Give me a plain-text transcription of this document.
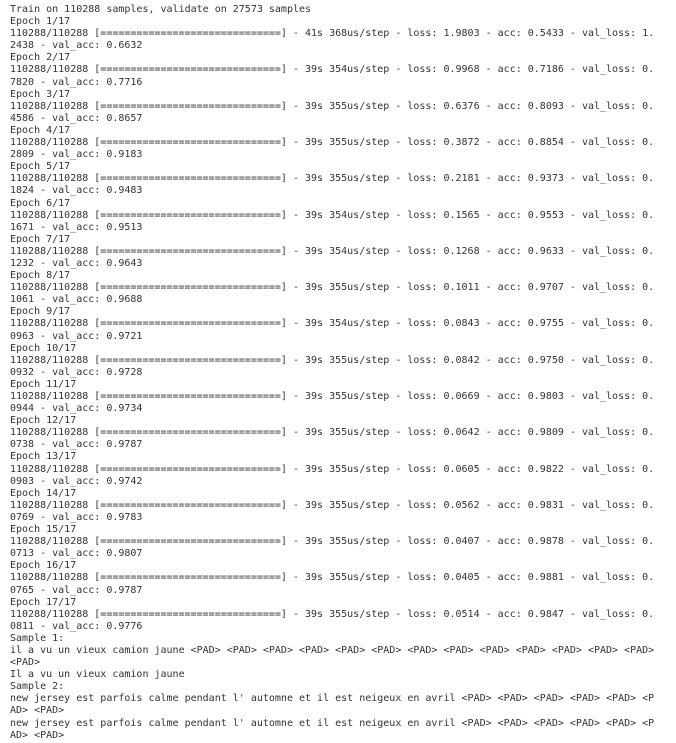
Train on 110288 samples, validate on 27573 samples
Epoch 1/17
110288/110288 [==============================] - 41s 368us/step - loss: 1.9803 - acc: 0.5433 - val_loss: 1.2438 - val_acc: 0.6632
Epoch 2/17
110288/110288 [==============================] - 39s 354us/step - loss: 0.9968 - acc: 0.7186 - val_loss: 0.7820 - val_acc: 0.7716
Epoch 3/17
110288/110288 [==============================] - 39s 355us/step - loss: 0.6376 - acc: 0.8093 - val_loss: 0.4586 - val_acc: 0.8657
Epoch 4/17
110288/110288 [==============================] - 39s 355us/step - loss: 0.3872 - acc: 0.8854 - val_loss: 0.2809 - val_acc: 0.9183
Epoch 5/17
110288/110288 [==============================] - 39s 355us/step - loss: 0.2181 - acc: 0.9373 - val_loss: 0.1824 - val_acc: 0.9483
Epoch 6/17
110288/110288 [==============================] - 39s 354us/step - loss: 0.1565 - acc: 0.9553 - val_loss: 0.1671 - val_acc: 0.9513
Epoch 7/17
110288/110288 [==============================] - 39s 354us/step - loss: 0.1268 - acc: 0.9633 - val_loss: 0.1232 - val_acc: 0.9643
Epoch 8/17
110288/110288 [==============================] - 39s 355us/step - loss: 0.1011 - acc: 0.9707 - val_loss: 0.1061 - val_acc: 0.9688
Epoch 9/17
110288/110288 [==============================] - 39s 354us/step - loss: 0.0843 - acc: 0.9755 - val_loss: 0.0963 - val_acc: 0.9721
Epoch 10/17
110288/110288 [==============================] - 39s 355us/step - loss: 0.0842 - acc: 0.9750 - val_loss: 0.0932 - val_acc: 0.9728
Epoch 11/17
110288/110288 [==============================] - 39s 355us/step - loss: 0.0669 - acc: 0.9803 - val_loss: 0.0944 - val_acc: 0.9734
Epoch 12/17
110288/110288 [==============================] - 39s 355us/step - loss: 0.0642 - acc: 0.9809 - val_loss: 0.0738 - val_acc: 0.9787
Epoch 13/17
110288/110288 [==============================] - 39s 355us/step - loss: 0.0605 - acc: 0.9822 - val_loss: 0.0903 - val_acc: 0.9742
Epoch 14/17
110288/110288 [==============================] - 39s 355us/step - loss: 0.0562 - acc: 0.9831 - val_loss: 0.0769 - val_acc: 0.9783
Epoch 15/17
110288/110288 [==============================] - 39s 355us/step - loss: 0.0407 - acc: 0.9878 - val_loss: 0.0713 - val_acc: 0.9807
Epoch 16/17
110288/110288 [==============================] - 39s 355us/step - loss: 0.0405 - acc: 0.9881 - val_loss: 0.0765 - val_acc: 0.9787
Epoch 17/17
110288/110288 [==============================] - 39s 355us/step - loss: 0.0514 - acc: 0.9847 - val_loss: 0.0811 - val_acc: 0.9776
Sample 1:
il a vu un vieux camion jaune <PAD> <PAD> <PAD> <PAD> <PAD> <PAD> <PAD> <PAD> <PAD> <PAD> <PAD> <PAD> <PAD> <PAD>
Il a vu un vieux camion jaune
Sample 2:
new jersey est parfois calme pendant l' automne et il est neigeux en avril <PAD> <PAD> <PAD> <PAD> <PAD> <PAD> <PAD>
new jersey est parfois calme pendant l' automne et il est neigeux en avril <PAD> <PAD> <PAD> <PAD> <PAD> <PAD> <PAD>
